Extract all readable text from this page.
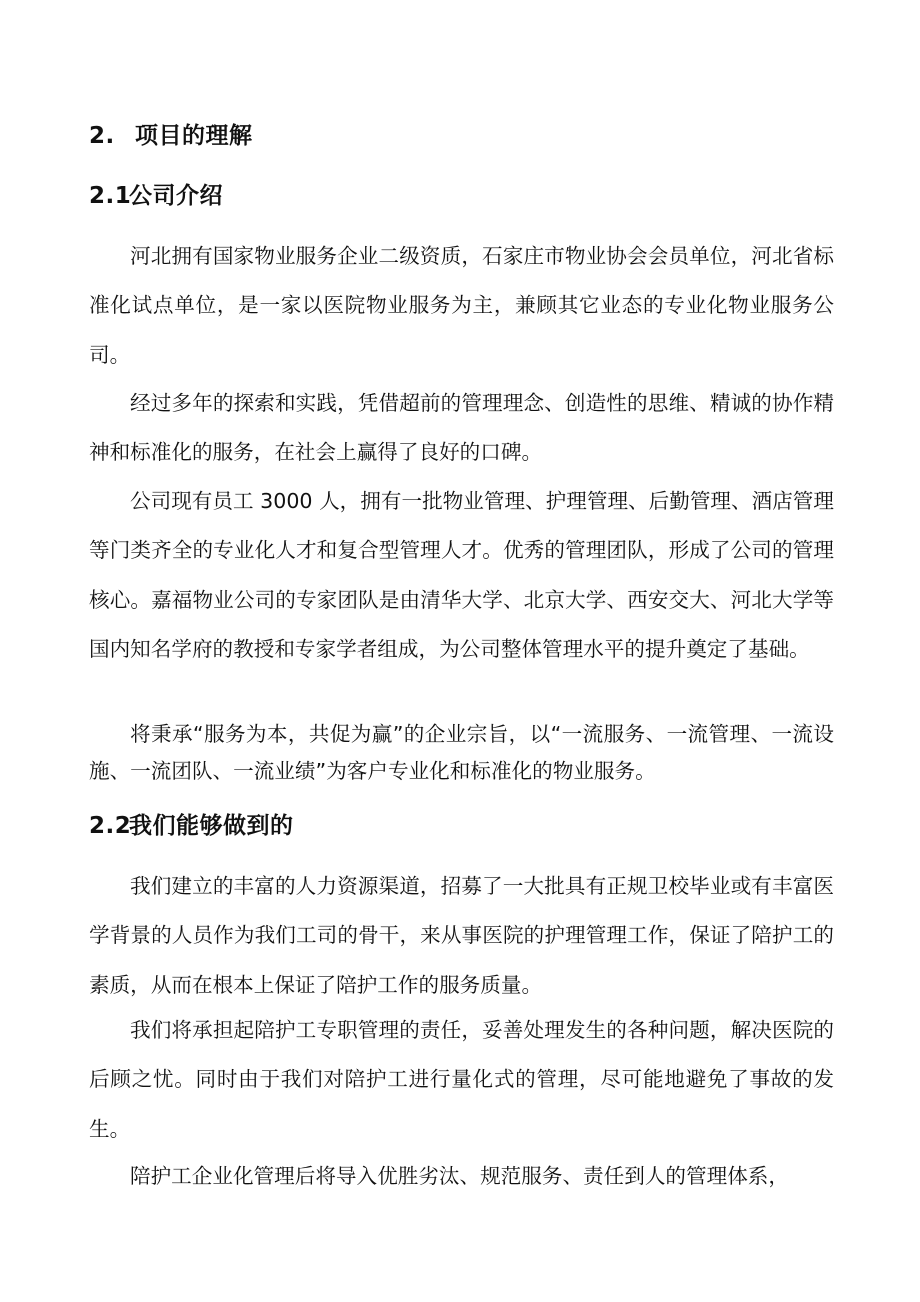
2. 项目的理解
2.1公司介绍

河北拥有国家物业服务企业二级资质，石家庄市物业协会会员单位，河北省标准化试点单位，是一家以医院物业服务为主，兼顾其它业态的专业化物业服务公司。

经过多年的探索和实践，凭借超前的管理理念、创造性的思维、精诚的协作精神和标准化的服务，在社会上赢得了良好的口碑。

公司现有员工 3000 人，拥有一批物业管理、护理管理、后勤管理、酒店管理等门类齐全的专业化人才和复合型管理人才。优秀的管理团队，形成了公司的管理核心。嘉福物业公司的专家团队是由清华大学、北京大学、西安交大、河北大学等国内知名学府的教授和专家学者组成，为公司整体管理水平的提升奠定了基础。

将秉承“服务为本，共促为赢”的企业宗旨，以“一流服务、一流管理、一流设施、一流团队、一流业绩”为客户专业化和标准化的物业服务。

2.2我们能够做到的

我们建立的丰富的人力资源渠道，招募了一大批具有正规卫校毕业或有丰富医学背景的人员作为我们工司的骨干，来从事医院的护理管理工作，保证了陪护工的素质，从而在根本上保证了陪护工作的服务质量。

我们将承担起陪护工专职管理的责任，妥善处理发生的各种问题，解决医院的后顾之忧。同时由于我们对陪护工进行量化式的管理，尽可能地避免了事故的发生。

陪护工企业化管理后将导入优胜劣汰、规范服务、责任到人的管理体系，
